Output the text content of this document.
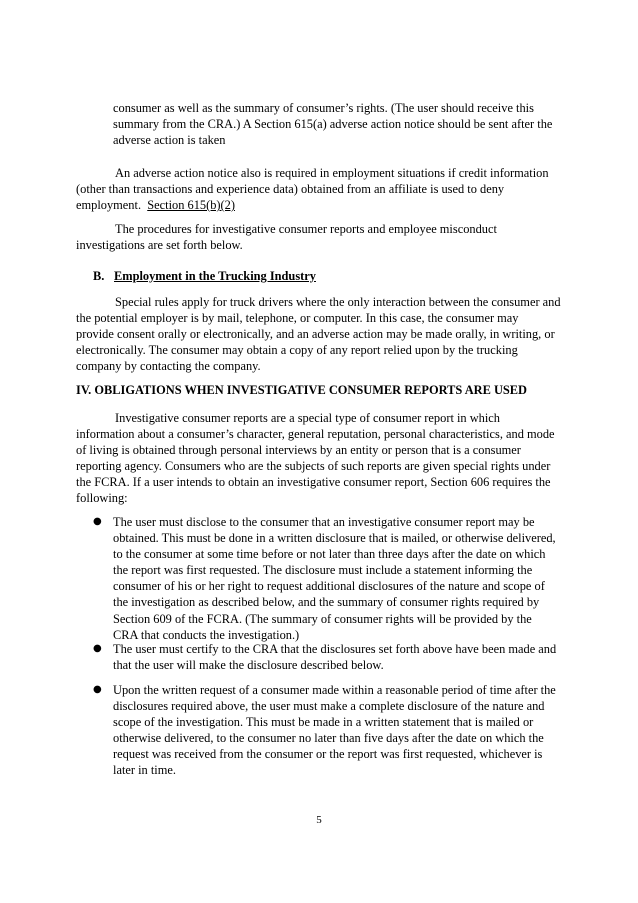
consumer as well as the summary of consumer’s rights. (The user should receive this
summary from the CRA.) A Section 615(a) adverse action notice should be sent after the
adverse action is taken
An adverse action notice also is required in employment situations if credit information
(other than transactions and experience data) obtained from an affiliate is used to deny
employment.  Section 615(b)(2)
The procedures for investigative consumer reports and employee misconduct
investigations are set forth below.
B. Employment in the Trucking Industry
Special rules apply for truck drivers where the only interaction between the consumer and
the potential employer is by mail, telephone, or computer. In this case, the consumer may
provide consent orally or electronically, and an adverse action may be made orally, in writing, or
electronically. The consumer may obtain a copy of any report relied upon by the trucking
company by contacting the company.
IV. OBLIGATIONS WHEN INVESTIGATIVE CONSUMER REPORTS ARE USED
Investigative consumer reports are a special type of consumer report in which
information about a consumer’s character, general reputation, personal characteristics, and mode
of living is obtained through personal interviews by an entity or person that is a consumer
reporting agency. Consumers who are the subjects of such reports are given special rights under
the FCRA. If a user intends to obtain an investigative consumer report, Section 606 requires the
following:
● The user must disclose to the consumer that an investigative consumer report may be
obtained. This must be done in a written disclosure that is mailed, or otherwise delivered,
to the consumer at some time before or not later than three days after the date on which
the report was first requested. The disclosure must include a statement informing the
consumer of his or her right to request additional disclosures of the nature and scope of
the investigation as described below, and the summary of consumer rights required by
Section 609 of the FCRA. (The summary of consumer rights will be provided by the
CRA that conducts the investigation.)
● The user must certify to the CRA that the disclosures set forth above have been made and
that the user will make the disclosure described below.
● Upon the written request of a consumer made within a reasonable period of time after the
disclosures required above, the user must make a complete disclosure of the nature and
scope of the investigation. This must be made in a written statement that is mailed or
otherwise delivered, to the consumer no later than five days after the date on which the
request was received from the consumer or the report was first requested, whichever is
later in time.
5
